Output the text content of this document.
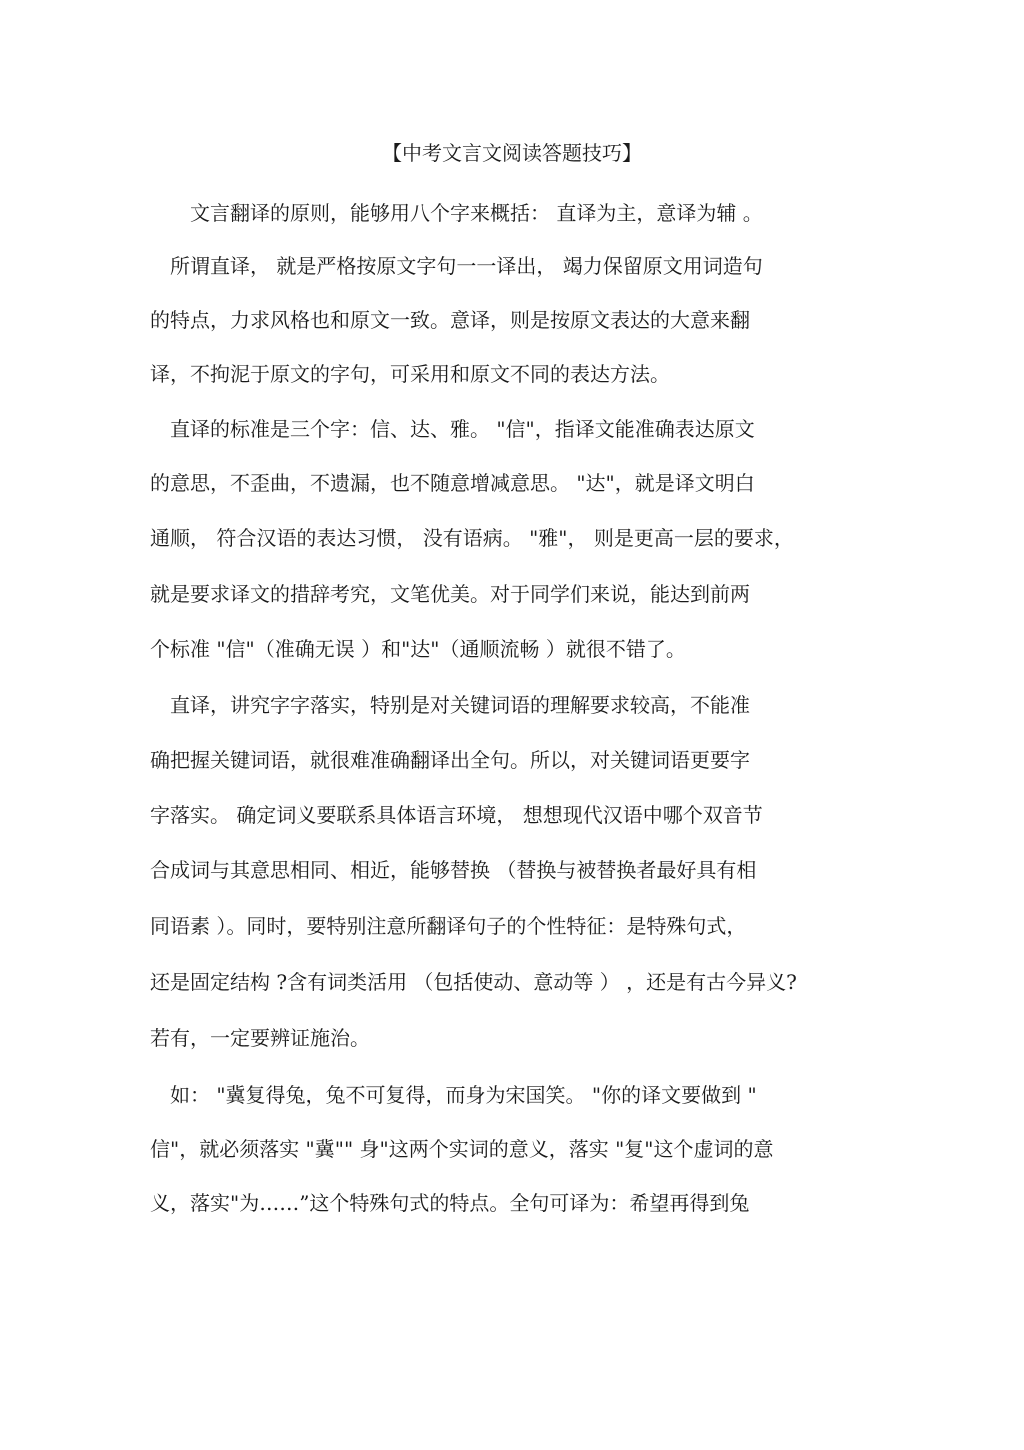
【中考文言文阅读答题技巧】
　　文言翻译的原则，能够用八个字来概括： 直译为主，意译为辅 。
　所谓直译， 就是严格按原文字句一一译出， 竭力保留原文用词造句
的特点，力求风格也和原文一致。意译，则是按原文表达的大意来翻
译，不拘泥于原文的字句，可采用和原文不同的表达方法。
　直译的标准是三个字：信、达、雅。 "信"，指译文能准确表达原文
的意思，不歪曲，不遗漏，也不随意增减意思。 "达"，就是译文明白
通顺， 符合汉语的表达习惯， 没有语病。 "雅"， 则是更高一层的要求，
就是要求译文的措辞考究，文笔优美。对于同学们来说，能达到前两
个标准 "信"（准确无误 ）和"达"（通顺流畅 ）就很不错了。
　直译，讲究字字落实，特别是对关键词语的理解要求较高，不能准
确把握关键词语，就很难准确翻译出全句。所以，对关键词语更要字
字落实。 确定词义要联系具体语言环境， 想想现代汉语中哪个双音节
合成词与其意思相同、相近，能够替换 （替换与被替换者最好具有相
同语素 ）。同时，要特别注意所翻译句子的个性特征：是特殊句式，
还是固定结构 ?含有词类活用 （包括使动、意动等 ） ，还是有古今异义?
若有，一定要辨证施治。
　如： "冀复得兔，兔不可复得，而身为宋国笑。 "你的译文要做到 "
信"，就必须落实 "冀"" 身"这两个实词的意义，落实 "复"这个虚词的意
义，落实"为……”这个特殊句式的特点。全句可译为：希望再得到兔
